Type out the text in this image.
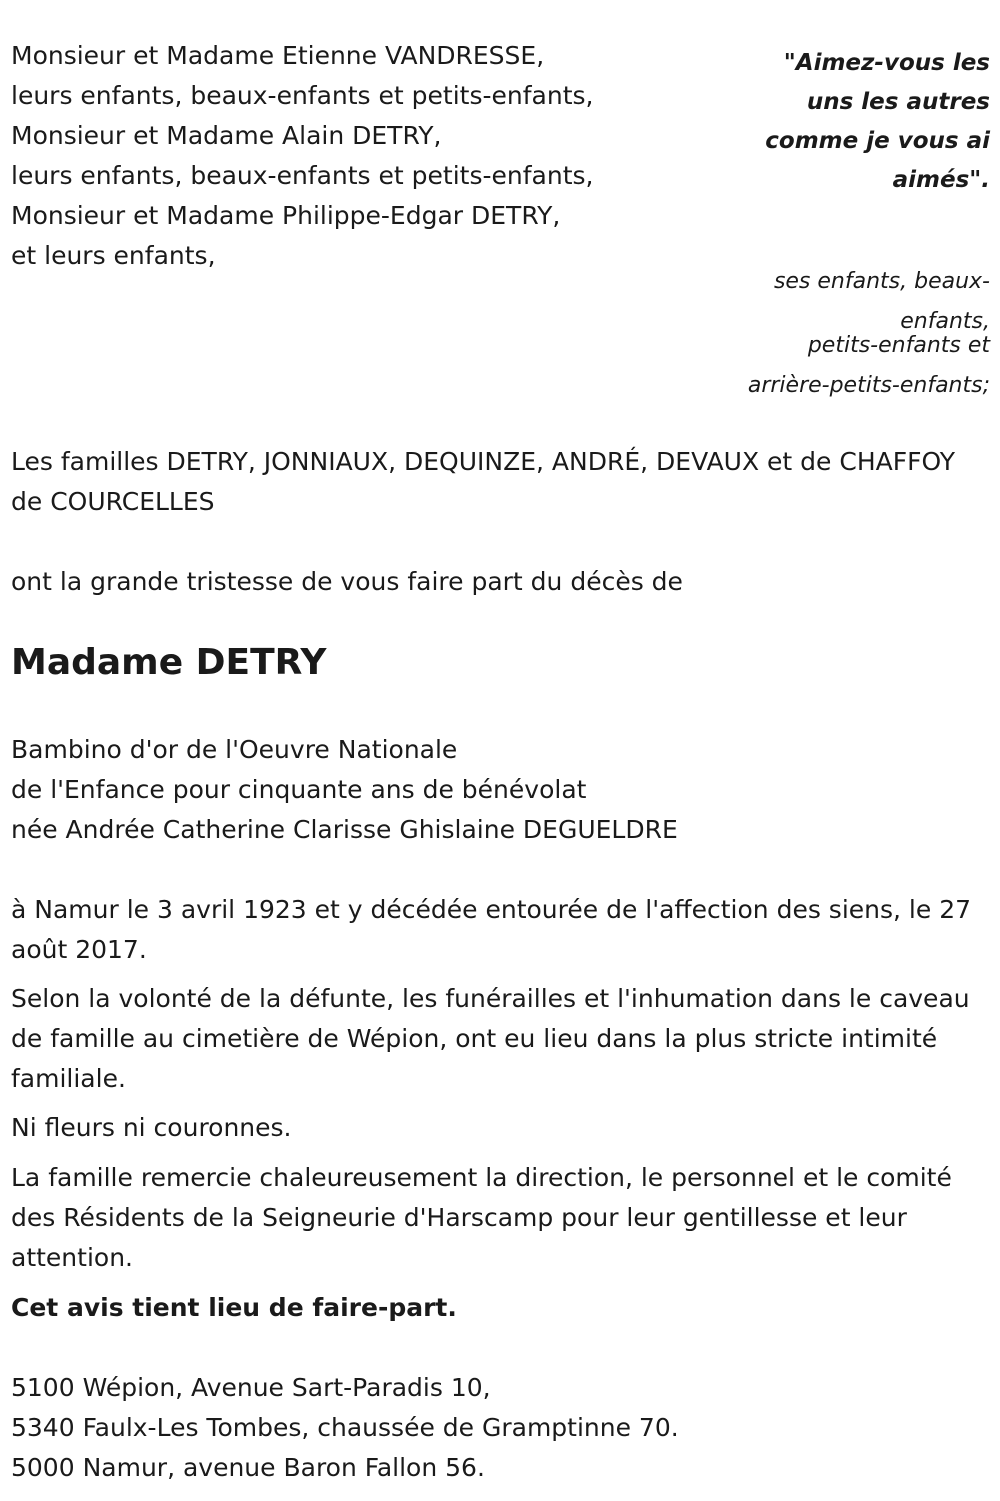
Monsieur et Madame Etienne VANDRESSE,

leurs enfants, beaux-enfants et petits-enfants,

Monsieur et Madame Alain DETRY,

leurs enfants, beaux-enfants et petits-enfants,

Monsieur et Madame Philippe-Edgar DETRY,

et leurs enfants,

"Aimez-vous les uns les autres comme je vous ai aimés".

ses enfants, beaux-enfants,

petits-enfants et arrière-petits-enfants;

Les familles DETRY, JONNIAUX, DEQUINZE, ANDRÉ, DEVAUX et de CHAFFOY de COURCELLES

ont la grande tristesse de vous faire part du décès de

Madame DETRY

Bambino d'or de l'Oeuvre Nationale

de l'Enfance pour cinquante ans de bénévolat

née Andrée Catherine Clarisse Ghislaine DEGUELDRE

à Namur le 3 avril 1923 et y décédée entourée de l'affection des siens, le 27 août 2017.

Selon la volonté de la défunte, les funérailles et l'inhumation dans le caveau de famille au cimetière de Wépion, ont eu lieu dans la plus stricte intimité familiale.

Ni fleurs ni couronnes.

La famille remercie chaleureusement la direction, le personnel et le comité des Résidents de la Seigneurie d'Harscamp pour leur gentillesse et leur attention.

Cet avis tient lieu de faire-part.

5100 Wépion, Avenue Sart-Paradis 10,

5340 Faulx-Les Tombes, chaussée de Gramptinne 70.

5000 Namur, avenue Baron Fallon 56.
